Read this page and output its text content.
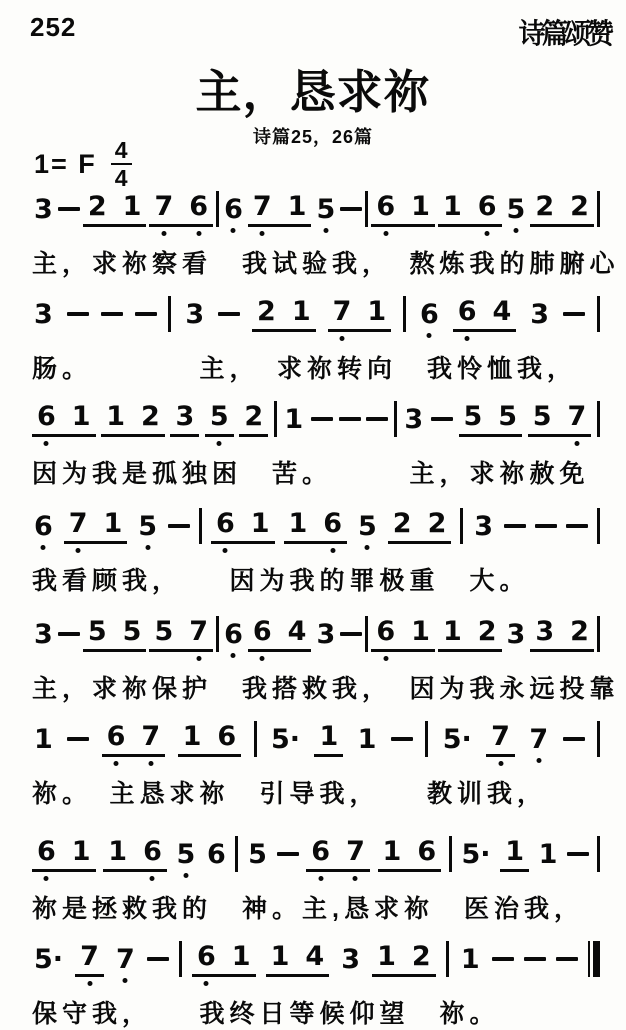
252	诗篇颂赞
主，恳求祢
诗篇25，26篇
1= F 4
4
3 2 1 7 6 6 7 1 5 6 1 1 6 5 2 2
主，求祢察看　我试验我，　熬炼我的肺腑心
3	3 2 1 7 1 6 6 4 3
肠。　　　　主，　求祢转向　我怜恤我，
6 1 1 2 3 5 2 1	3 5 5 5 7
因为我是孤独困　苦。　　　主，求祢赦免
6 7 1 5 6 1 1 6 5 2 2 3
我看顾我，　　因为我的罪极重　大。
3 5 5 5 7 6 6 4 3 6 1 1 2 3 3 2
主，求祢保护　我搭救我，　因为我永远投靠
1 6 7 1 6 5· 1 1 5· 7 7
祢。　主恳求祢　引导我，　　教训我，
6 1 1 6 5 6 5 6 7 1 6 5· 1 1
祢是拯救我的　神。主,恳求祢　医治我，
5· 7 7 6 1 1 4 3 1 2 1
保守我，　　我终日等候仰望　祢。
